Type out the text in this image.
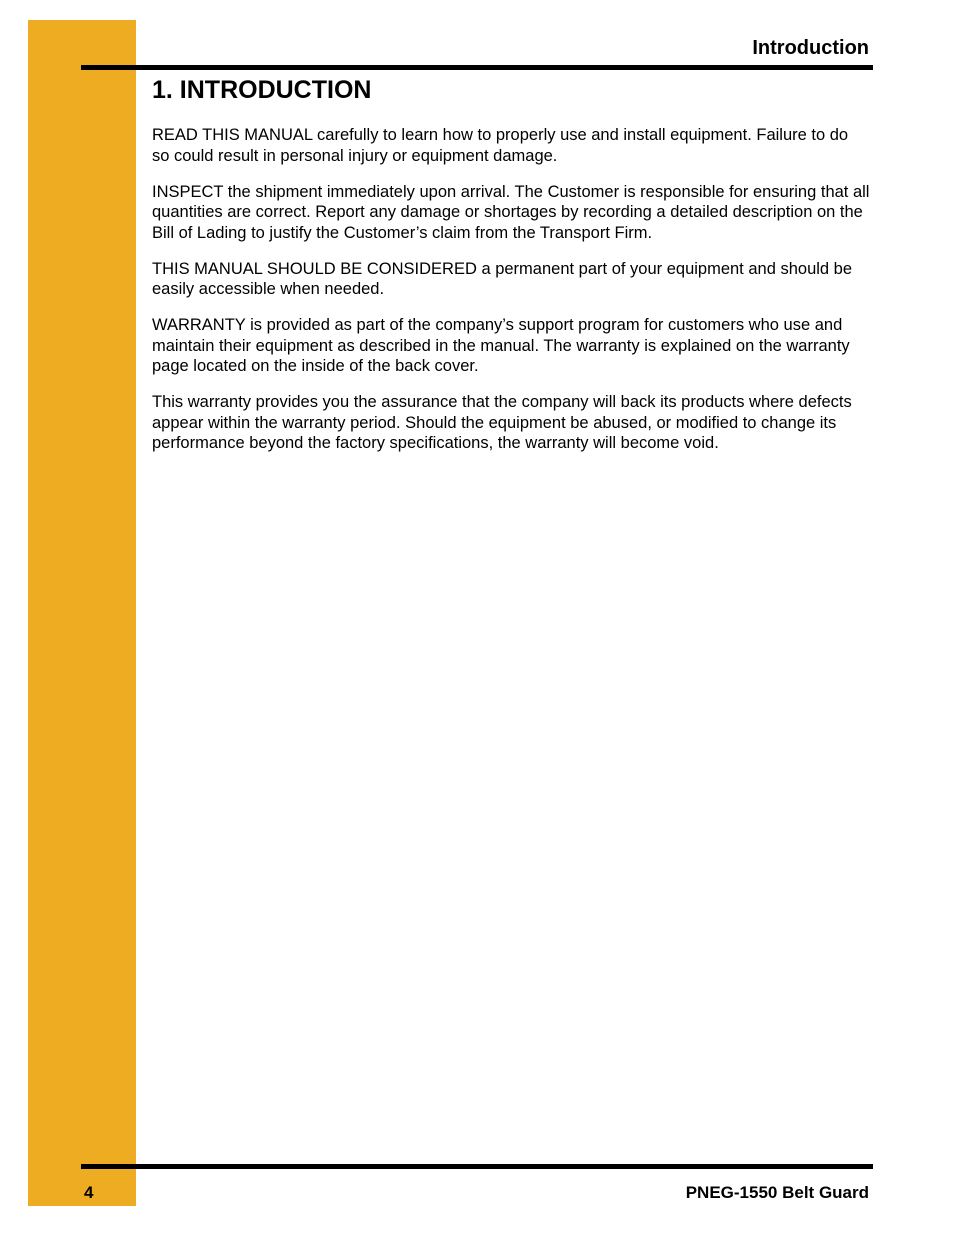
Introduction
1. INTRODUCTION

READ THIS MANUAL carefully to learn how to properly use and install equipment. Failure to do so could result in personal injury or equipment damage.

INSPECT the shipment immediately upon arrival. The Customer is responsible for ensuring that all quantities are correct. Report any damage or shortages by recording a detailed description on the Bill of Lading to justify the Customer’s claim from the Transport Firm.

THIS MANUAL SHOULD BE CONSIDERED a permanent part of your equipment and should be easily accessible when needed.

WARRANTY is provided as part of the company’s support program for customers who use and maintain their equipment as described in the manual. The warranty is explained on the warranty page located on the inside of the back cover.

This warranty provides you the assurance that the company will back its products where defects appear within the warranty period. Should the equipment be abused, or modified to change its performance beyond the factory specifications, the warranty will become void.

4	PNEG-1550 Belt Guard
